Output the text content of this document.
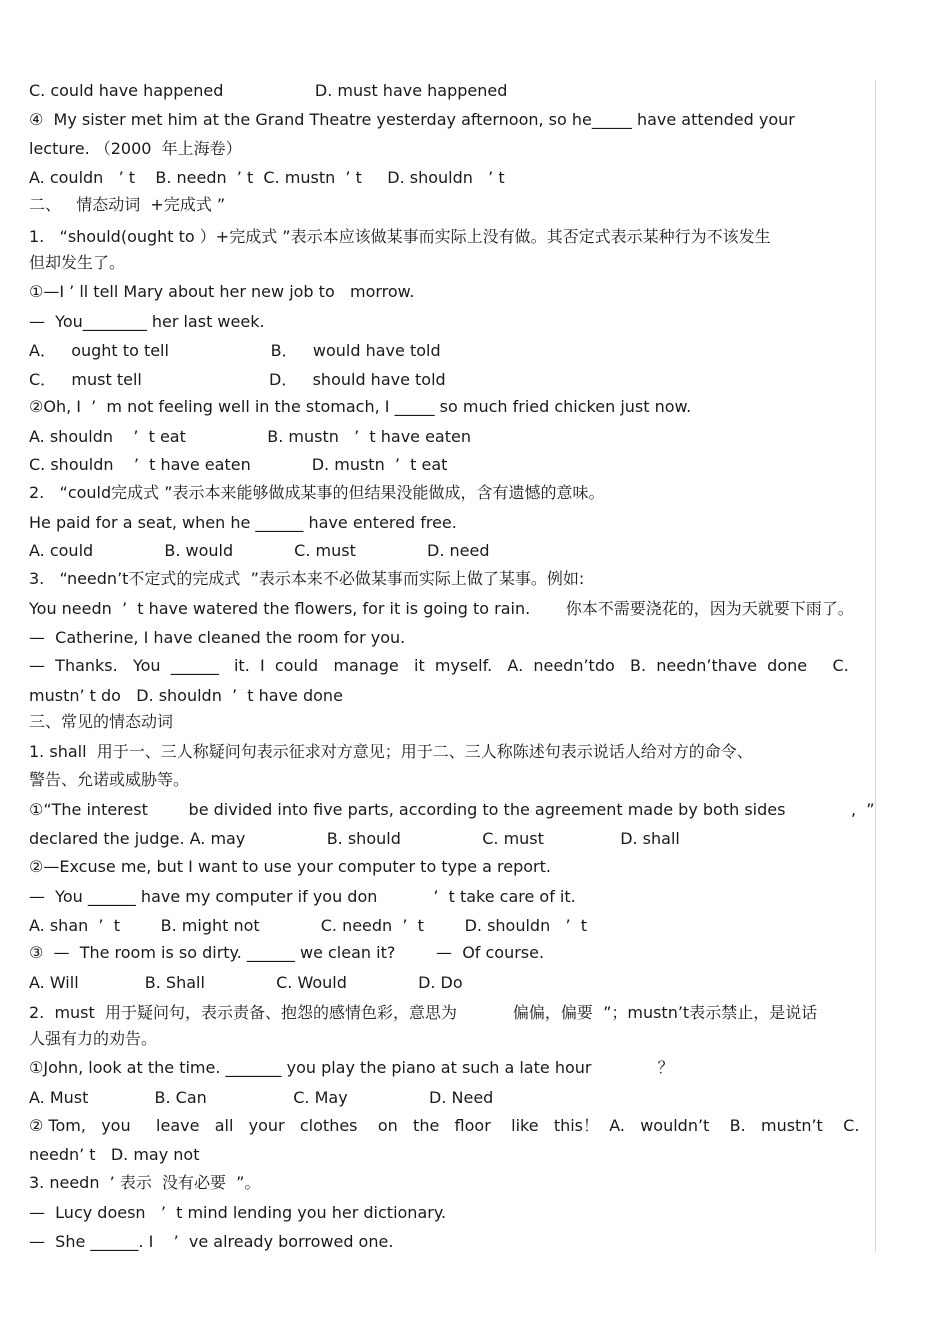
C. could have happened                  D. must have happened
④  My sister met him at the Grand Theatre yesterday afternoon, so he_____ have attended your
lecture. （2000  年上海卷）
A. couldn   ’ t    B. needn  ’ t  C. mustn  ’ t     D. shouldn   ’ t
二、   情态动词  +完成式 ”
1.   “should(ought to ）+完成式 ”表示本应该做某事而实际上没有做。其否定式表示某种行为不该发生
但却发生了。
①—I ’ ll tell Mary about her new job to   morrow.
—  You________ her last week.
A．   ought to tell                    B．   would have told
C．   must tell                         D．   should have told
②Oh, I  ’  m not feeling well in the stomach, I _____ so much fried chicken just now.
A. shouldn    ’  t eat                B. mustn   ’  t have eaten
C. shouldn    ’  t have eaten            D. mustn  ’  t eat
2.   “could完成式 ”表示本来能够做成某事的但结果没能做成，含有遗憾的意味。
He paid for a seat, when he ______ have entered free.
A. could              B. would            C. must              D. need
3.   “needn’t不定式的完成式  ”表示本来不必做某事而实际上做了某事。例如:
You needn  ’  t have watered the flowers, for it is going to rain.       你本不需要浇花的，因为天就要下雨了。
—  Catherine, I have cleaned the room for you.
—  Thanks.   You  ______   it.  I  could   manage   it  myself.   A.  needn’tdo   B.  needn’thave  done     C.
mustn’ t do   D. shouldn  ’  t have done
三、常见的情态动词
1. shall  用于一、三人称疑问句表示征求对方意见；用于二、三人称陈述句表示说话人给对方的命令、
警告、允诺或威胁等。
①“The interest        be divided into five parts, according to the agreement made by both sides
declared the judge. A. may                B. should                C. must               D. shall
②—Excuse me, but I want to use your computer to type a report.
—  You ______ have my computer if you don           ’  t take care of it.
A. shan  ’  t        B. might not            C. needn  ’  t        D. shouldn   ’  t
③  —  The room is so dirty. ______ we clean it?        —  Of course.
A. Will             B. Shall              C. Would              D. Do
2.  must  用于疑问句，表示责备、抱怨的感情色彩，意思为           偏偏，偏要  ”；mustn’t表示禁止，是说话
人强有力的劝告。
①John, look at the time. _______ you play the piano at such a late hour             ？
A. Must             B. Can                 C. May                D. Need
② Tom,   you     leave   all   your   clothes    on   the   floor    like   this！  A.   wouldn’t    B.   mustn’t    C.
needn’ t   D. may not
3. needn  ’ 表示  没有必要  ”。
—  Lucy doesn   ’  t mind lending you her dictionary.
—  She ______. I    ’  ve already borrowed one.
,  ”
